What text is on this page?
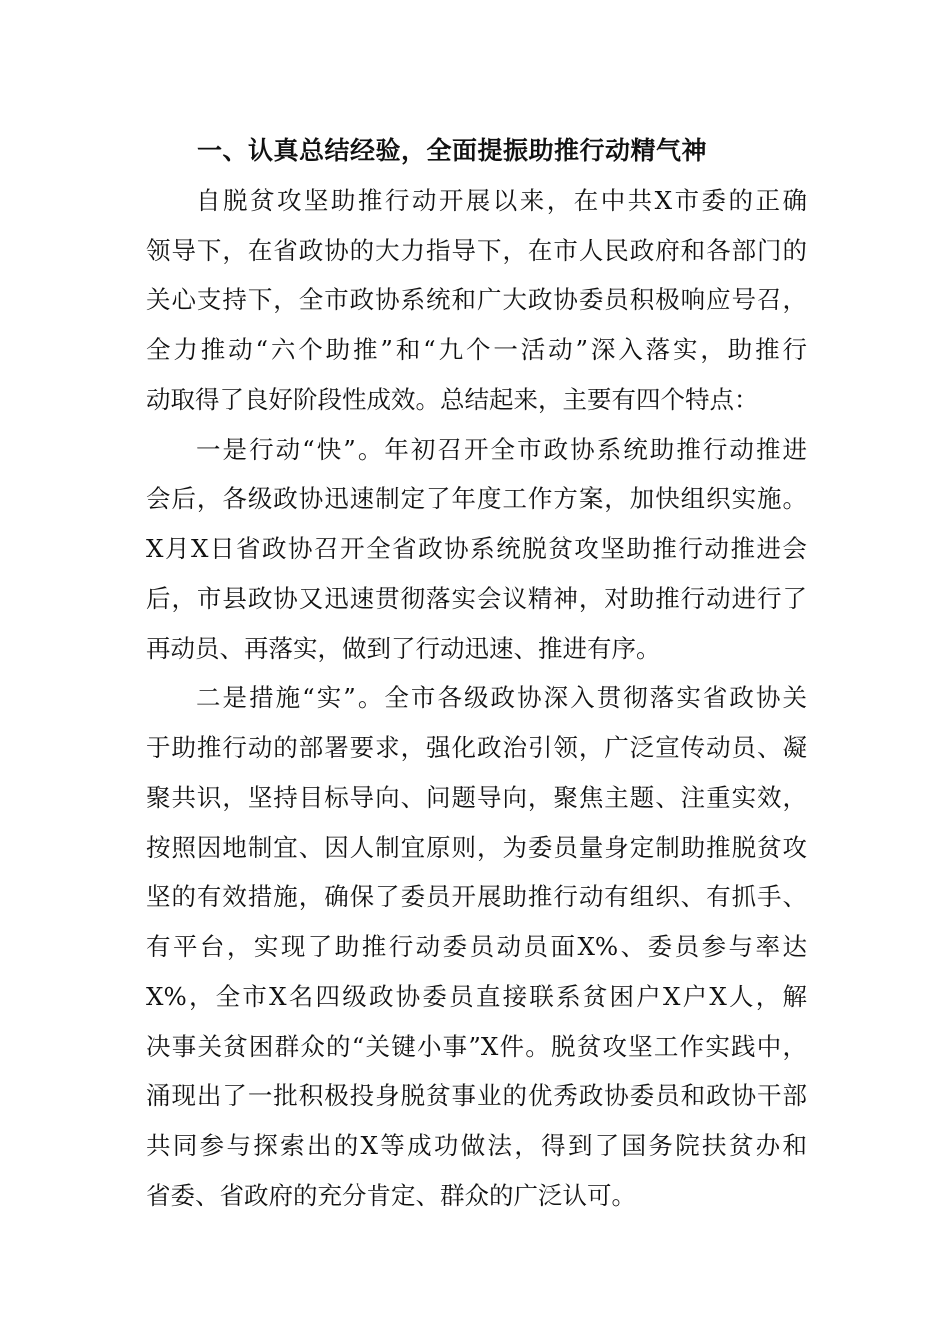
一、认真总结经验，全面提振助推行动精气神
自脱贫攻坚助推行动开展以来，在中共X市委的正确
领导下，在省政协的大力指导下，在市人民政府和各部门的
关心支持下，全市政协系统和广大政协委员积极响应号召，
全力推动“六个助推”和“九个一活动”深入落实，助推行
动取得了良好阶段性成效。总结起来，主要有四个特点：
一是行动“快”。年初召开全市政协系统助推行动推进
会后，各级政协迅速制定了年度工作方案，加快组织实施。
X月X日省政协召开全省政协系统脱贫攻坚助推行动推进会
后，市县政协又迅速贯彻落实会议精神，对助推行动进行了
再动员、再落实，做到了行动迅速、推进有序。
二是措施“实”。全市各级政协深入贯彻落实省政协关
于助推行动的部署要求，强化政治引领，广泛宣传动员、凝
聚共识，坚持目标导向、问题导向，聚焦主题、注重实效，
按照因地制宜、因人制宜原则，为委员量身定制助推脱贫攻
坚的有效措施，确保了委员开展助推行动有组织、有抓手、
有平台，实现了助推行动委员动员面X%、委员参与率达
X%，全市X名四级政协委员直接联系贫困户X户X人，解
决事关贫困群众的“关键小事”X件。脱贫攻坚工作实践中，
涌现出了一批积极投身脱贫事业的优秀政协委员和政协干部
共同参与探索出的X等成功做法，得到了国务院扶贫办和
省委、省政府的充分肯定、群众的广泛认可。
